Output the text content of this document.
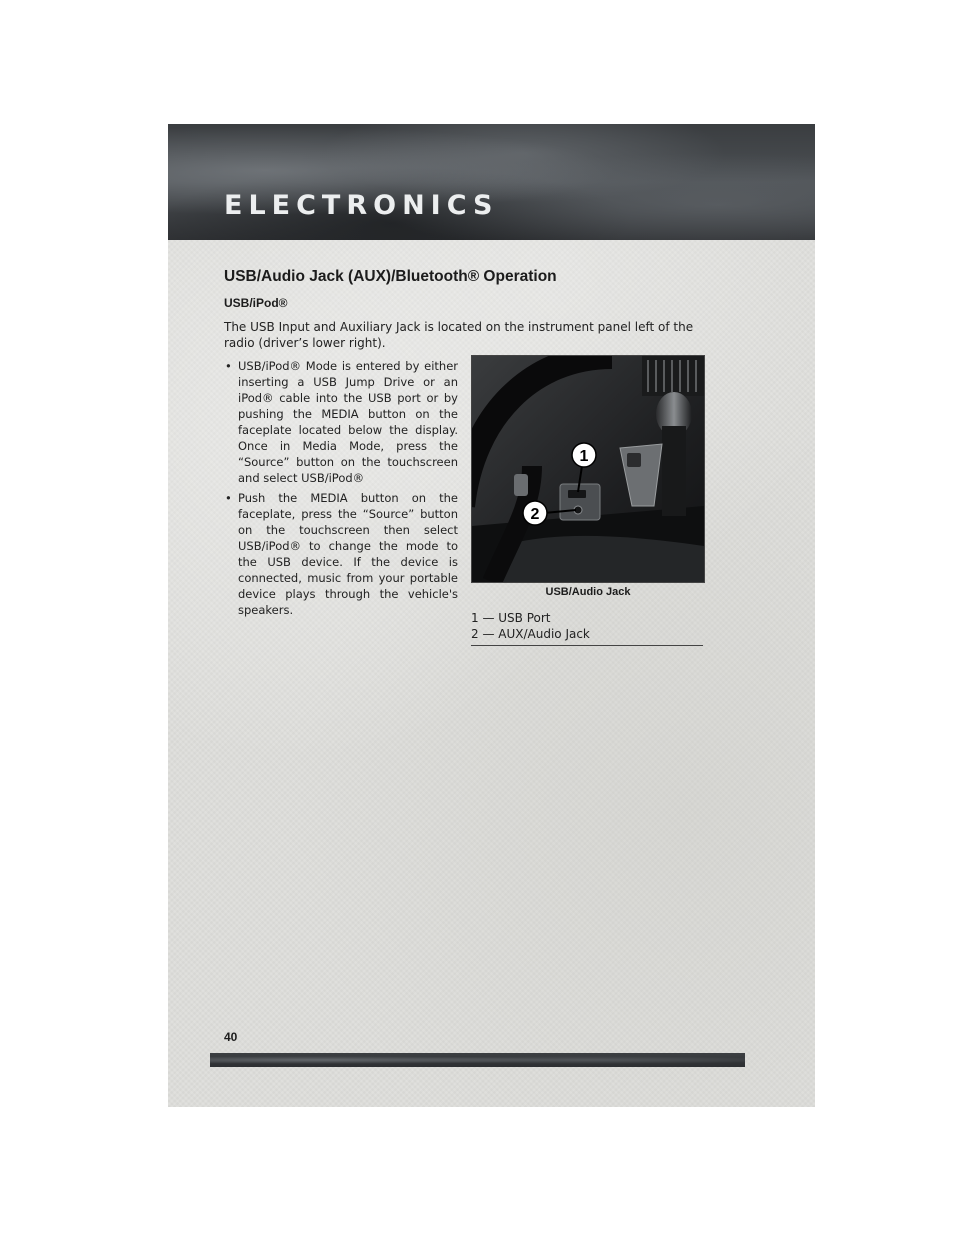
ELECTRONICS
USB/Audio Jack (AUX)/Bluetooth® Operation
USB/iPod®
The USB Input and Auxiliary Jack is located on the instrument panel left of the radio (driver’s lower right).
• USB/iPod® Mode is entered by either inserting a USB Jump Drive or an iPod® cable into the USB port or by pushing the MEDIA button on the faceplate located below the display. Once in Media Mode, press the “Source” button on the touchscreen and select USB/iPod®
• Push the MEDIA button on the faceplate, press the “Source” button on the touchscreen then select USB/iPod® to change the mode to the USB device. If the device is connected, music from your portable device plays through the vehicle's speakers.
1
2
USB/Audio Jack
1 — USB Port
2 — AUX/Audio Jack
40
